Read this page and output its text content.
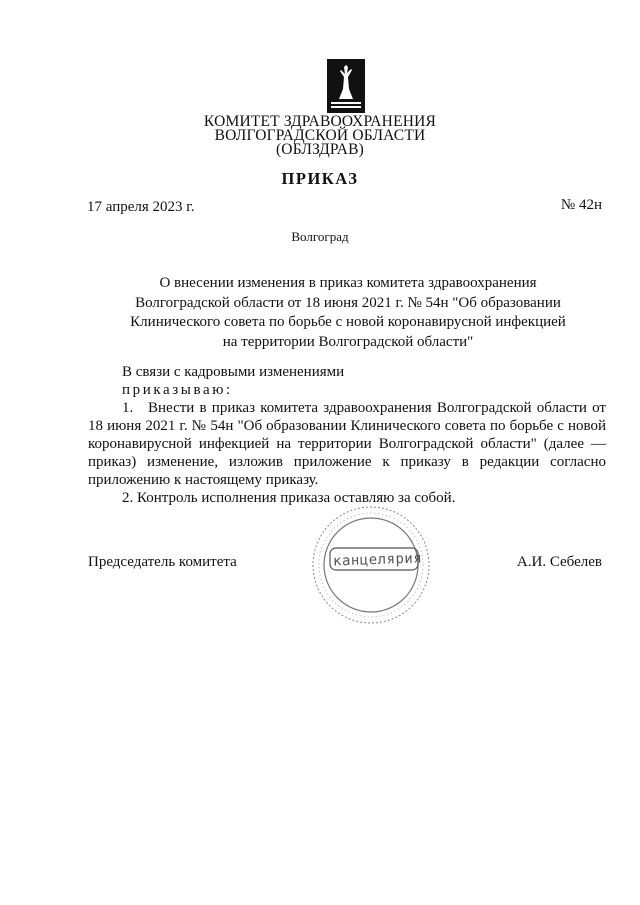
КОМИТЕТ ЗДРАВООХРАНЕНИЯ
ВОЛГОГРАДСКОЙ ОБЛАСТИ
(ОБЛЗДРАВ)
ПРИКАЗ
17 апреля 2023 г.	№ 42н
Волгоград
О внесении изменения в приказ комитета здравоохранения
Волгоградской области от 18 июня 2021 г. № 54н "Об образовании
Клинического совета по борьбе с новой коронавирусной инфекцией
на территории Волгоградской области"
В связи с кадровыми изменениями
приказываю:
1. Внести в приказ комитета здравоохранения Волгоградской области от 18 июня 2021 г. № 54н "Об образовании Клинического совета по борьбе с новой коронавирусной инфекцией на территории Волгоградской области" (далее — приказ) изменение, изложив приложение к приказу в редакции согласно приложению к настоящему приказу.
2. Контроль исполнения приказа оставляю за собой.
Председатель комитета	А.И. Себелев
канцелярия
